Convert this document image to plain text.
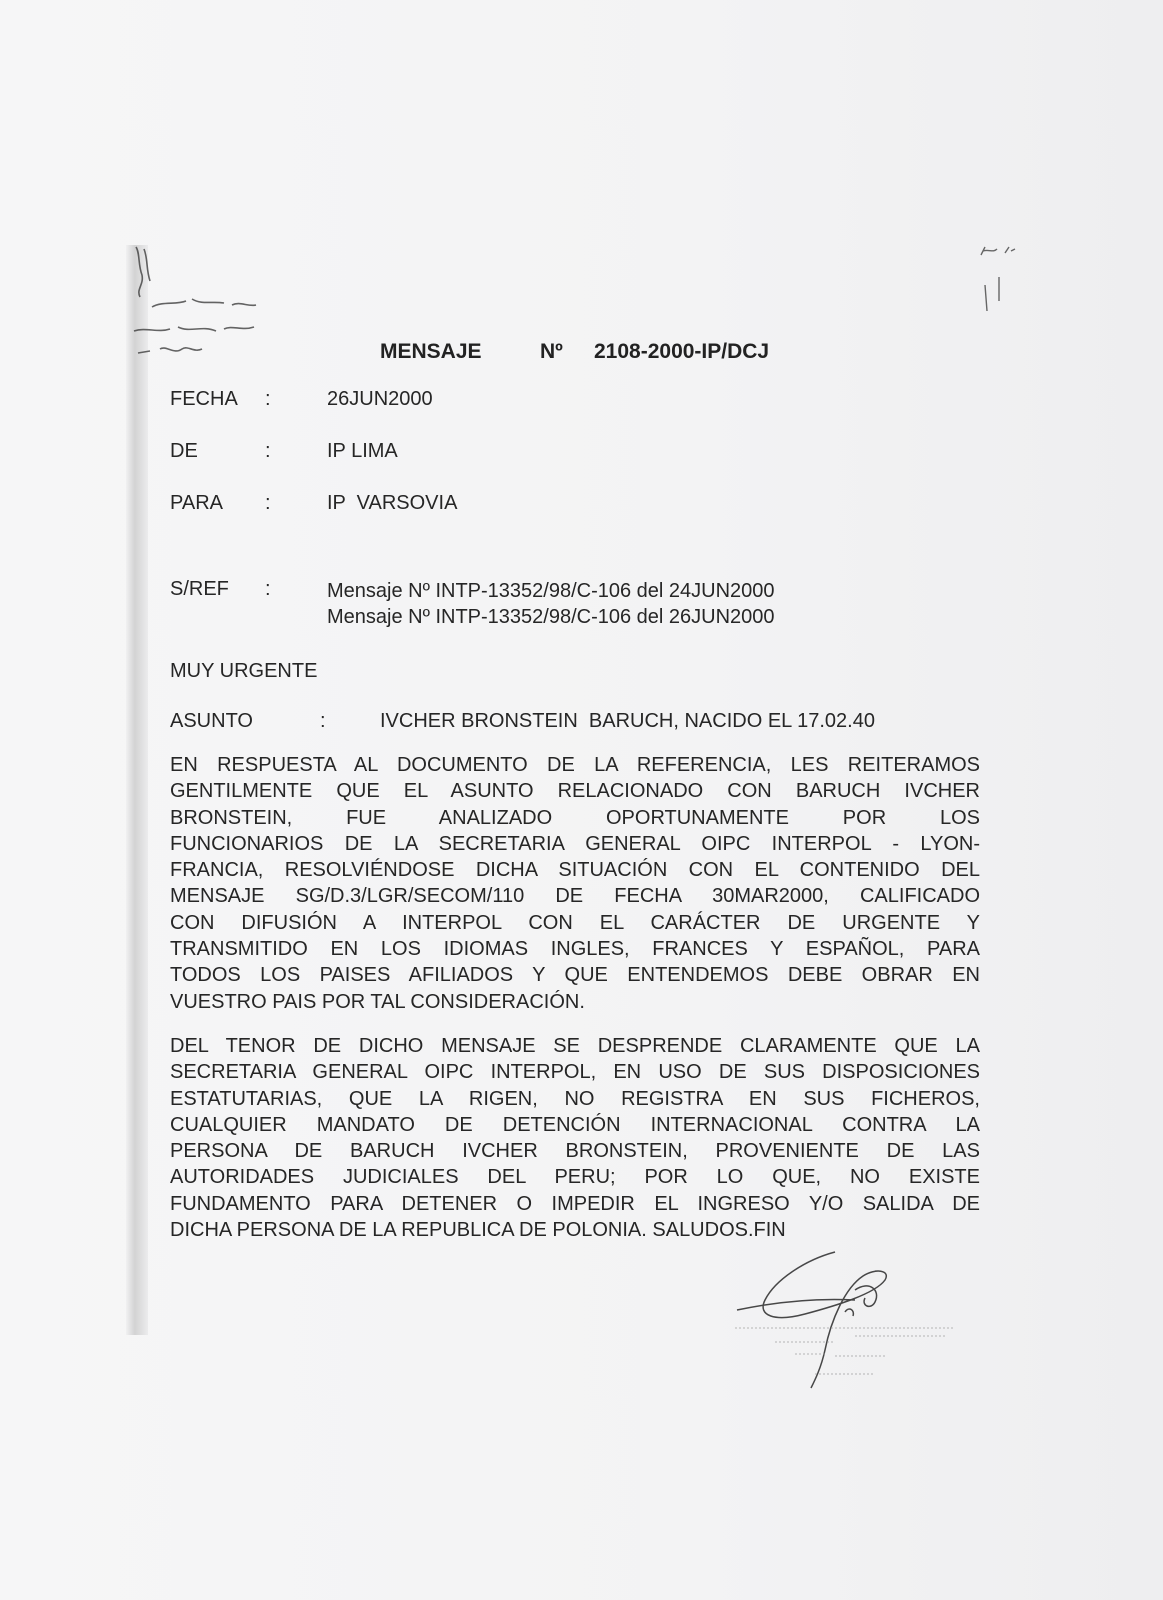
MENSAJE	Nº 2108-2000-IP/DCJ
FECHA :	26JUN2000
DE	:	IP LIMA
PARA :	IP  VARSOVIA
S/REF :	Mensaje Nº INTP-13352/98/C-106 del 24JUN2000
Mensaje Nº INTP-13352/98/C-106 del 26JUN2000
MUY URGENTE
ASUNTO	:	IVCHER BRONSTEIN  BARUCH, NACIDO EL 17.02.40
EN RESPUESTA AL DOCUMENTO DE LA REFERENCIA, LES REITERAMOS
GENTILMENTE QUE EL ASUNTO RELACIONADO CON BARUCH IVCHER
BRONSTEIN, FUE ANALIZADO OPORTUNAMENTE POR LOS
FUNCIONARIOS DE LA SECRETARIA GENERAL OIPC INTERPOL - LYON-
FRANCIA, RESOLVIÉNDOSE DICHA SITUACIÓN CON EL CONTENIDO DEL
MENSAJE SG/D.3/LGR/SECOM/110 DE FECHA 30MAR2000, CALIFICADO
CON DIFUSIÓN A INTERPOL CON EL CARÁCTER DE URGENTE Y
TRANSMITIDO EN LOS IDIOMAS INGLES, FRANCES Y ESPAÑOL, PARA
TODOS LOS PAISES AFILIADOS Y QUE ENTENDEMOS DEBE OBRAR EN
VUESTRO PAIS POR TAL CONSIDERACIÓN.
DEL TENOR DE DICHO MENSAJE SE DESPRENDE CLARAMENTE QUE LA
SECRETARIA GENERAL OIPC INTERPOL, EN USO DE SUS DISPOSICIONES
ESTATUTARIAS, QUE LA RIGEN, NO REGISTRA EN SUS FICHEROS,
CUALQUIER MANDATO DE DETENCIÓN INTERNACIONAL CONTRA LA
PERSONA DE BARUCH IVCHER BRONSTEIN, PROVENIENTE DE LAS
AUTORIDADES JUDICIALES DEL PERU; POR LO QUE, NO EXISTE
FUNDAMENTO PARA DETENER O IMPEDIR EL INGRESO Y/O SALIDA DE
DICHA PERSONA DE LA REPUBLICA DE POLONIA. SALUDOS.FIN
